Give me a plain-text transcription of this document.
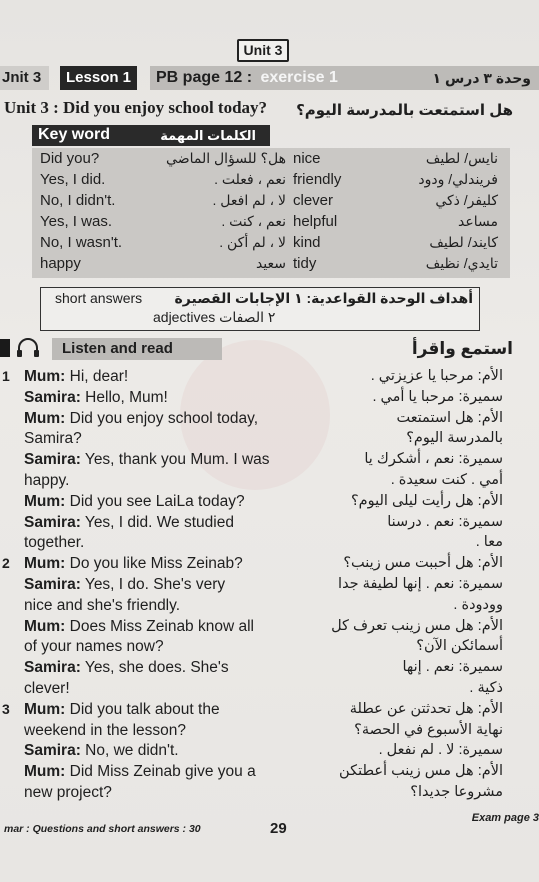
Unit 3
Jnit 3	Lesson 1	PB page 12 : exercise 1	وحدة ٣ درس ١
Unit 3 : Did you enjoy school today? هل استمتعت بالمدرسة اليوم؟
Key word	الكلمات المهمة
Did you?	هل؟ للسؤال الماضي nice	نايس/ لطيف
Yes, I did.	نعم ، فعلت . friendly	فريندلي/ ودود
No, I didn't.	لا ، لم افعل . clever	كليفر/ ذكي
Yes, I was.	نعم ، كنت . helpful	مساعد
No, I wasn't.	لا ، لم أكن . kind	كايند/ لطيف
happy	سعيد tidy	تايدي/ نظيف
short answers أهداف الوحدة القواعدية: ١ الإجابات القصيرة
adjectives ٢ الصفات
Listen and read	استمع واقرأ
1 Mum: Hi, dear!	الأم: مرحبا يا عزيزتي .
Samira: Hello, Mum!	سميرة: مرحبا يا أمي .
Mum: Did you enjoy school today,	الأم: هل استمتعت
Samira?	بالمدرسة اليوم؟
Samira: Yes, thank you Mum. I was	سميرة: نعم ، أشكرك يا
happy.	أمي . كنت سعيدة .
Mum: Did you see LaiLa today?	الأم: هل رأيت ليلى اليوم؟
Samira: Yes, I did. We studied	سميرة: نعم . درسنا
together.	معا .
2 Mum: Do you like Miss Zeinab?	الأم: هل أحببت مس زينب؟
Samira: Yes, I do. She's very	سميرة: نعم . إنها لطيفة جدا
nice and she's friendly.	وودودة .
Mum: Does Miss Zeinab know all	الأم: هل مس زينب تعرف كل
of your names now?	أسمائكن الآن؟
Samira: Yes, she does. She's	سميرة: نعم . إنها
clever!	ذكية .
3 Mum: Did you talk about the	الأم: هل تحدثتن عن عطلة
weekend in the lesson?	نهاية الأسبوع في الحصة؟
Samira: No, we didn't.	سميرة: لا . لم نفعل .
Mum: Did Miss Zeinab give you a	الأم: هل مس زينب أعطتكن
new project?	مشروعا جديدا؟
mar : Questions and short answers : 30	29
Exam page 3
